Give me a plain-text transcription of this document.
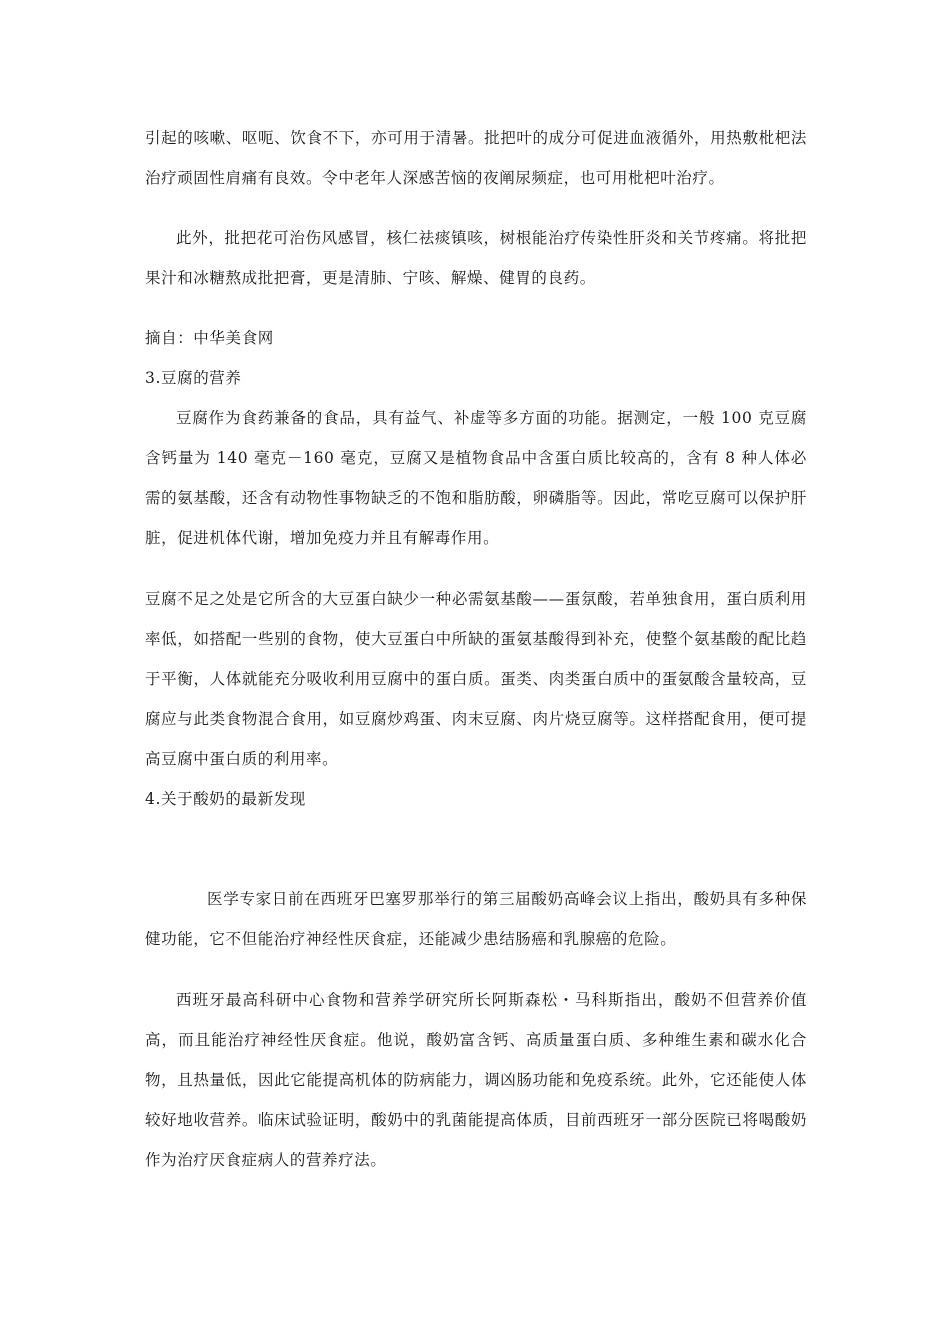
引起的咳嗽、呕呃、饮食不下，亦可用于清暑。批把叶的成分可促进血液循外，用热敷枇杷法治疗顽固性肩痛有良效。令中老年人深感苦恼的夜阐尿频症，也可用枇杷叶治疗。

此外，批把花可治伤风感冒，核仁祛痰镇咳，树根能治疗传染性肝炎和关节疼痛。将批把果汁和冰糖熬成批把膏，更是清肺、宁咳、解燥、健胃的良药。

摘自：中华美食网

3.豆腐的营养

豆腐作为食药兼备的食品，具有益气、补虚等多方面的功能。据测定，一般 100 克豆腐含钙量为 140 毫克－160 毫克，豆腐又是植物食品中含蛋白质比较高的，含有 8 种人体必需的氨基酸，还含有动物性事物缺乏的不饱和脂肪酸，卵磷脂等。因此，常吃豆腐可以保护肝脏，促进机体代谢，增加免疫力并且有解毒作用。

豆腐不足之处是它所含的大豆蛋白缺少一种必需氨基酸——蛋氛酸，若单独食用，蛋白质利用率低，如搭配一些别的食物，使大豆蛋白中所缺的蛋氨基酸得到补充，使整个氨基酸的配比趋于平衡，人体就能充分吸收利用豆腐中的蛋白质。蛋类、肉类蛋白质中的蛋氨酸含量较高，豆腐应与此类食物混合食用，如豆腐炒鸡蛋、肉末豆腐、肉片烧豆腐等。这样搭配食用，便可提高豆腐中蛋白质的利用率。

4.关于酸奶的最新发现

医学专家日前在西班牙巴塞罗那举行的第三届酸奶高峰会议上指出，酸奶具有多种保健功能，它不但能治疗神经性厌食症，还能减少患结肠癌和乳腺癌的危险。

西班牙最高科研中心食物和营养学研究所长阿斯森松・马科斯指出，酸奶不但营养价值高，而且能治疗神经性厌食症。他说，酸奶富含钙、高质量蛋白质、多种维生素和碳水化合物，且热量低，因此它能提高机体的防病能力，调凶肠功能和免疫系统。此外，它还能使人体较好地收营养。临床试验证明，酸奶中的乳菌能提高体质，目前西班牙一部分医院已将喝酸奶作为治疗厌食症病人的营养疗法。
